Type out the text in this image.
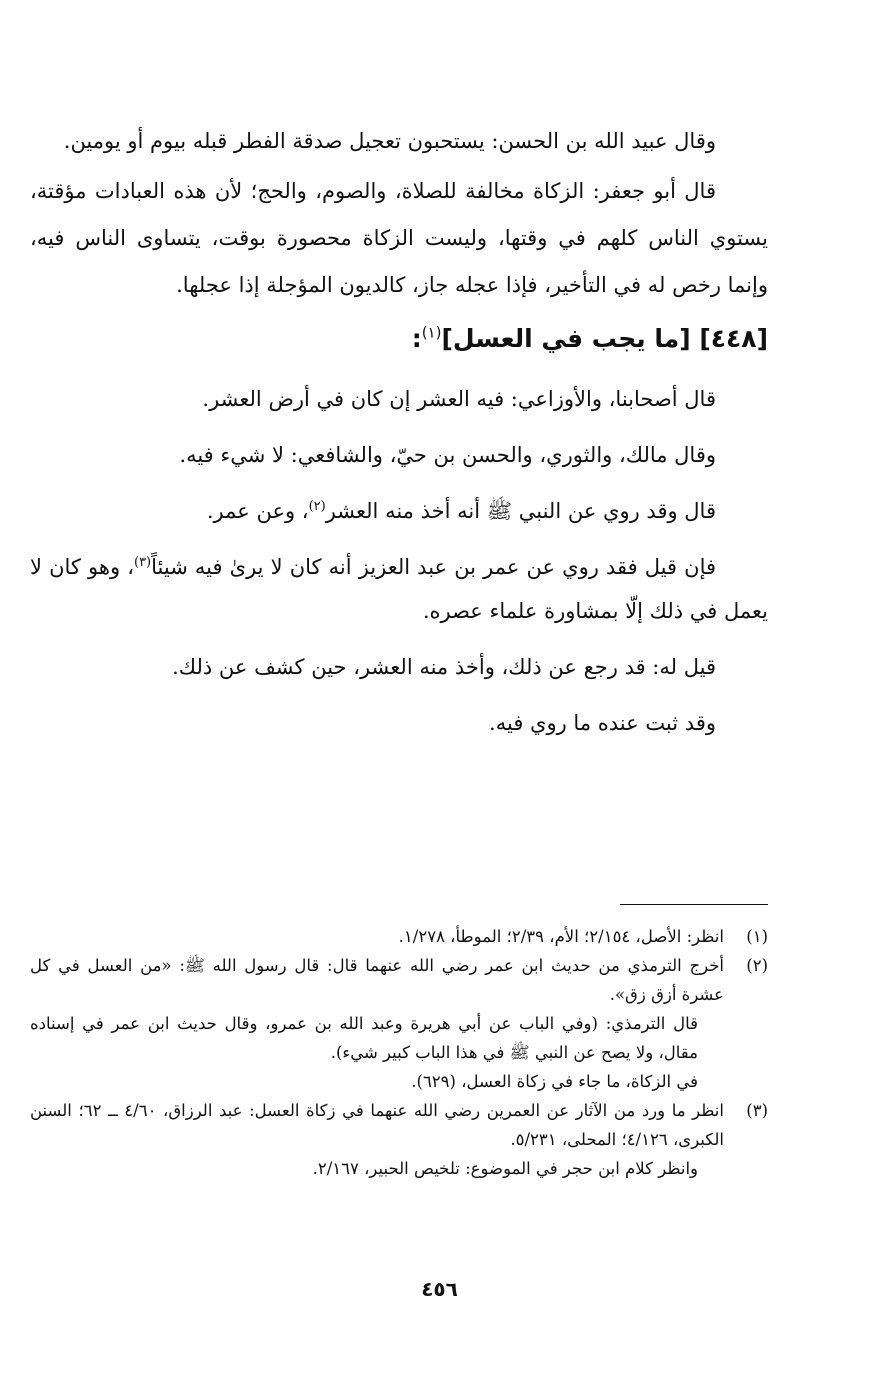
وقال عبيد الله بن الحسن: يستحبون تعجيل صدقة الفطر قبله بيوم أو يومين.

قال أبو جعفر: الزكاة مخالفة للصلاة، والصوم، والحج؛ لأن هذه العبادات مؤقتة، يستوي الناس كلهم في وقتها، وليست الزكاة محصورة بوقت، يتساوى الناس فيه، وإنما رخص له في التأخير، فإذا عجله جاز، كالديون المؤجلة إذا عجلها.

[٤٤٨] [ما يجب في العسل]$^{(١)}$:

قال أصحابنا، والأوزاعي: فيه العشر إن كان في أرض العشر.

وقال مالك، والثوري، والحسن بن حيّ، والشافعي: لا شيء فيه.

قال وقد روي عن النبي ﷺ أنه أخذ منه العشر$^{(٢)}$، وعن عمر.

فإن قيل فقد روي عن عمر بن عبد العزيز أنه كان لا يرىٰ فيه شيئاً$^{(٣)}$، وهو كان لا يعمل في ذلك إلّا بمشاورة علماء عصره.

قيل له: قد رجع عن ذلك، وأخذ منه العشر، حين كشف عن ذلك.

وقد ثبت عنده ما روي فيه.

(١)
انظر: الأصل، ٢/١٥٤؛ الأم، ٢/٣٩؛ الموطأ، ١/٢٧٨.
(٢)
أخرج الترمذي من حديث ابن عمر رضي الله عنهما قال: قال رسول الله ﷺ: «من العسل في كل عشرة أزق زق».
قال الترمذي: (وفي الباب عن أبي هريرة وعبد الله بن عمرو، وقال حديث ابن عمر في إسناده مقال، ولا يصح عن النبي ﷺ في هذا الباب كبير شيء).
في الزكاة، ما جاء في زكاة العسل، (٦٢٩).
(٣)
انظر ما ورد من الآثار عن العمرين رضي الله عنهما في زكاة العسل: عبد الرزاق، ٤/٦٠ ــ ٦٢؛ السنن الكبرى، ٤/١٢٦؛ المحلى، ٥/٢٣١.
وانظر كلام ابن حجر في الموضوع: تلخيص الحبير، ٢/١٦٧.
٤٥٦
